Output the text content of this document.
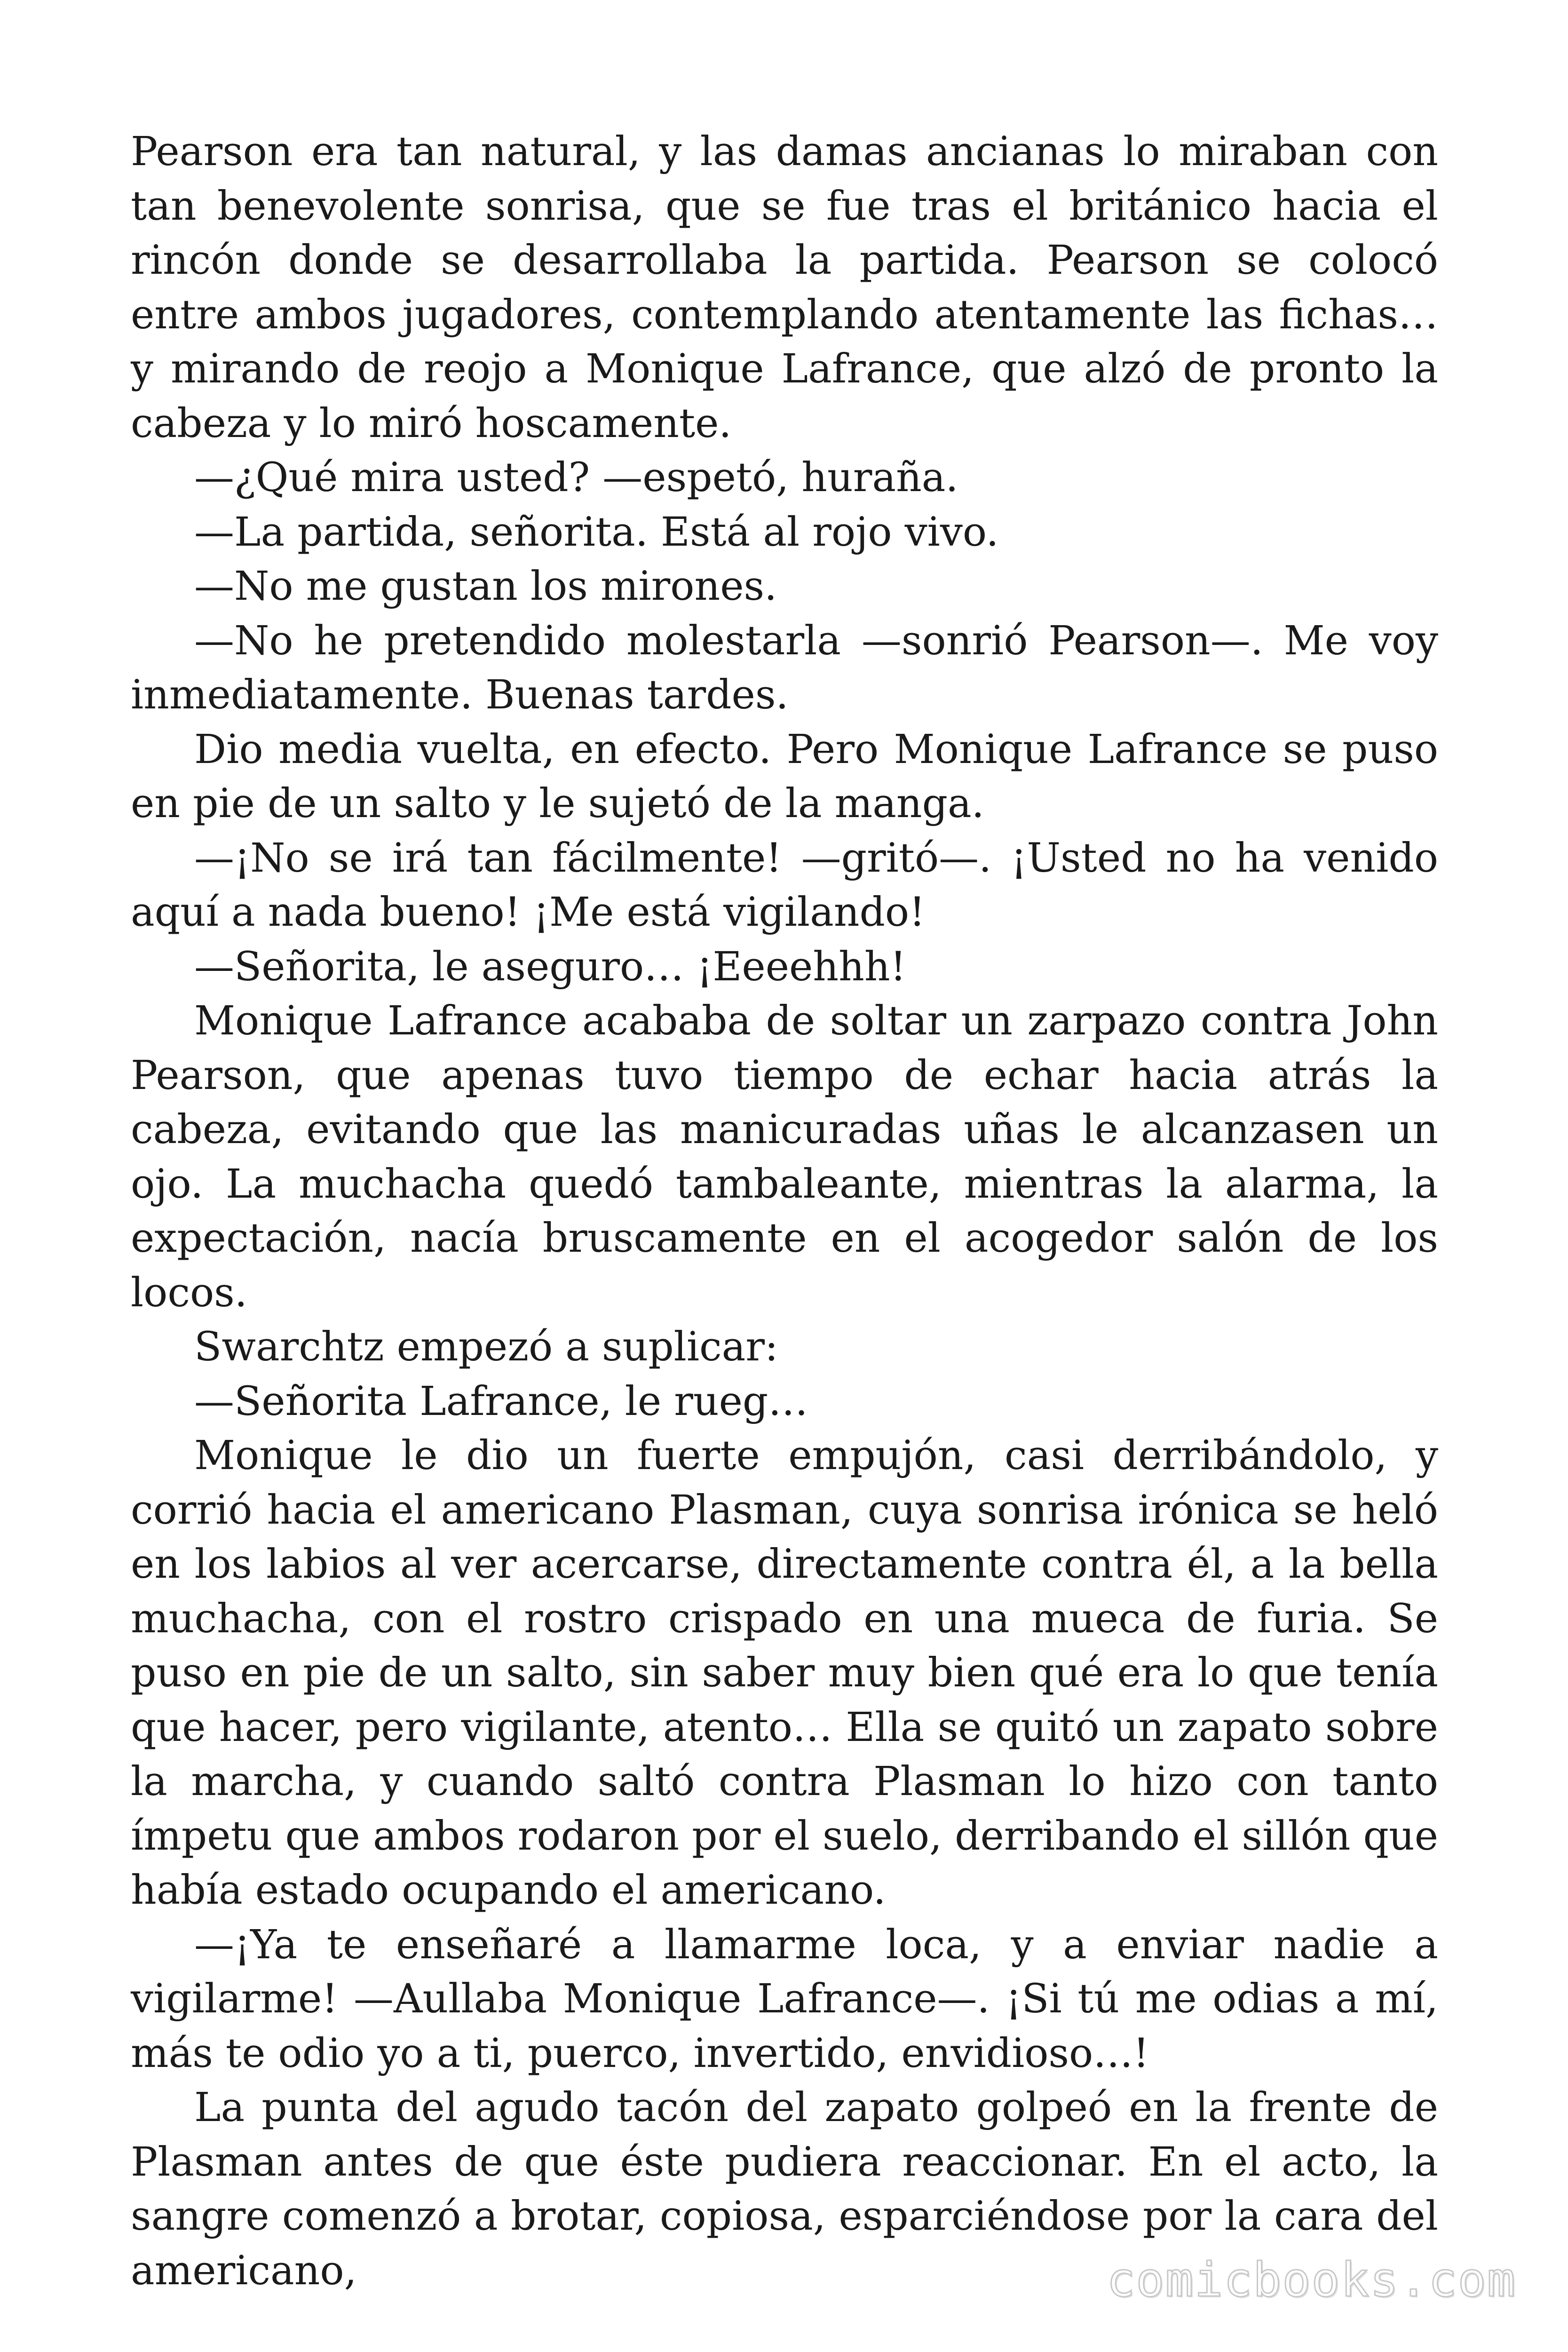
Pearson era tan natural, y las damas ancianas lo miraban con tan benevolente sonrisa, que se fue tras el británico hacia el rincón donde se desarrollaba la partida. Pearson se colocó entre ambos jugadores, contemplando atentamente las fichas… y mirando de reojo a Monique Lafrance, que alzó de pronto la cabeza y lo miró hoscamente.

—¿Qué mira usted? —espetó, huraña.

—La partida, señorita. Está al rojo vivo.

—No me gustan los mirones.

—No he pretendido molestarla —sonrió Pearson—. Me voy inmediatamente. Buenas tardes.

Dio media vuelta, en efecto. Pero Monique Lafrance se puso en pie de un salto y le sujetó de la manga.

—¡No se irá tan fácilmente! —gritó—. ¡Usted no ha venido aquí a nada bueno! ¡Me está vigilando!

—Señorita, le aseguro… ¡Eeeehhh!

Monique Lafrance acababa de soltar un zarpazo contra John Pearson, que apenas tuvo tiempo de echar hacia atrás la cabeza, evitando que las manicuradas uñas le alcanzasen un ojo. La muchacha quedó tambaleante, mientras la alarma, la expectación, nacía bruscamente en el acogedor salón de los locos.

Swarchtz empezó a suplicar:

—Señorita Lafrance, le rueg…

Monique le dio un fuerte empujón, casi derribándolo, y corrió hacia el americano Plasman, cuya sonrisa irónica se heló en los labios al ver acercarse, directamente contra él, a la bella muchacha, con el rostro crispado en una mueca de furia. Se puso en pie de un salto, sin saber muy bien qué era lo que tenía que hacer, pero vigilante, atento… Ella se quitó un zapato sobre la marcha, y cuando saltó contra Plasman lo hizo con tanto ímpetu que ambos rodaron por el suelo, derribando el sillón que había estado ocupando el americano.

—¡Ya te enseñaré a llamarme loca, y a enviar nadie a vigilarme! —Aullaba Monique Lafrance—. ¡Si tú me odias a mí, más te odio yo a ti, puerco, invertido, envidioso…!

La punta del agudo tacón del zapato golpeó en la frente de Plasman antes de que éste pudiera reaccionar. En el acto, la sangre comenzó a brotar, copiosa, esparciéndose por la cara del americano,	comicbooks.com
